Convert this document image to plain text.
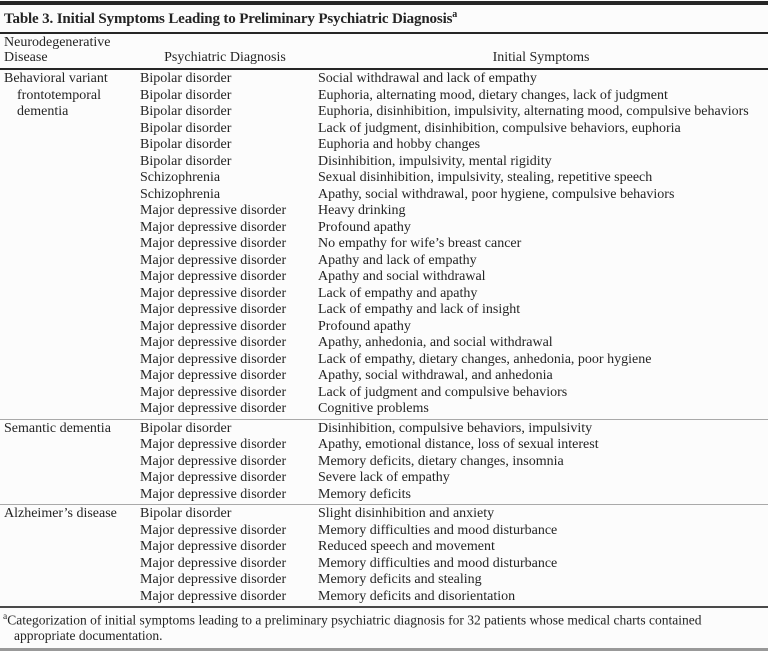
Table 3. Initial Symptoms Leading to Preliminary Psychiatric Diagnosis$^a$
Neurodegenerative
Disease	Psychiatric Diagnosis	Initial Symptoms
Behavioral variant
frontotemporal
dementia
Bipolar disorder	Social withdrawal and lack of empathy
Bipolar disorder	Euphoria, alternating mood, dietary changes, lack of judgment
Bipolar disorder	Euphoria, disinhibition, impulsivity, alternating mood, compulsive behaviors
Bipolar disorder	Lack of judgment, disinhibition, compulsive behaviors, euphoria
Bipolar disorder	Euphoria and hobby changes
Bipolar disorder	Disinhibition, impulsivity, mental rigidity
Schizophrenia	Sexual disinhibition, impulsivity, stealing, repetitive speech
Schizophrenia	Apathy, social withdrawal, poor hygiene, compulsive behaviors
Major depressive disorder	Heavy drinking
Major depressive disorder	Profound apathy
Major depressive disorder	No empathy for wife’s breast cancer
Major depressive disorder	Apathy and lack of empathy
Major depressive disorder	Apathy and social withdrawal
Major depressive disorder	Lack of empathy and apathy
Major depressive disorder	Lack of empathy and lack of insight
Major depressive disorder	Profound apathy
Major depressive disorder	Apathy, anhedonia, and social withdrawal
Major depressive disorder	Lack of empathy, dietary changes, anhedonia, poor hygiene
Major depressive disorder	Apathy, social withdrawal, and anhedonia
Major depressive disorder	Lack of judgment and compulsive behaviors
Major depressive disorder	Cognitive problems
Semantic dementia	Bipolar disorder	Disinhibition, compulsive behaviors, impulsivity
Major depressive disorder	Apathy, emotional distance, loss of sexual interest
Major depressive disorder	Memory deficits, dietary changes, insomnia
Major depressive disorder	Severe lack of empathy
Major depressive disorder	Memory deficits
Alzheimer’s disease	Bipolar disorder	Slight disinhibition and anxiety
Major depressive disorder	Memory difficulties and mood disturbance
Major depressive disorder	Reduced speech and movement
Major depressive disorder	Memory difficulties and mood disturbance
Major depressive disorder	Memory deficits and stealing
Major depressive disorder	Memory deficits and disorientation
$^a$Categorization of initial symptoms leading to a preliminary psychiatric diagnosis for 32 patients whose medical charts contained appropriate documentation.
